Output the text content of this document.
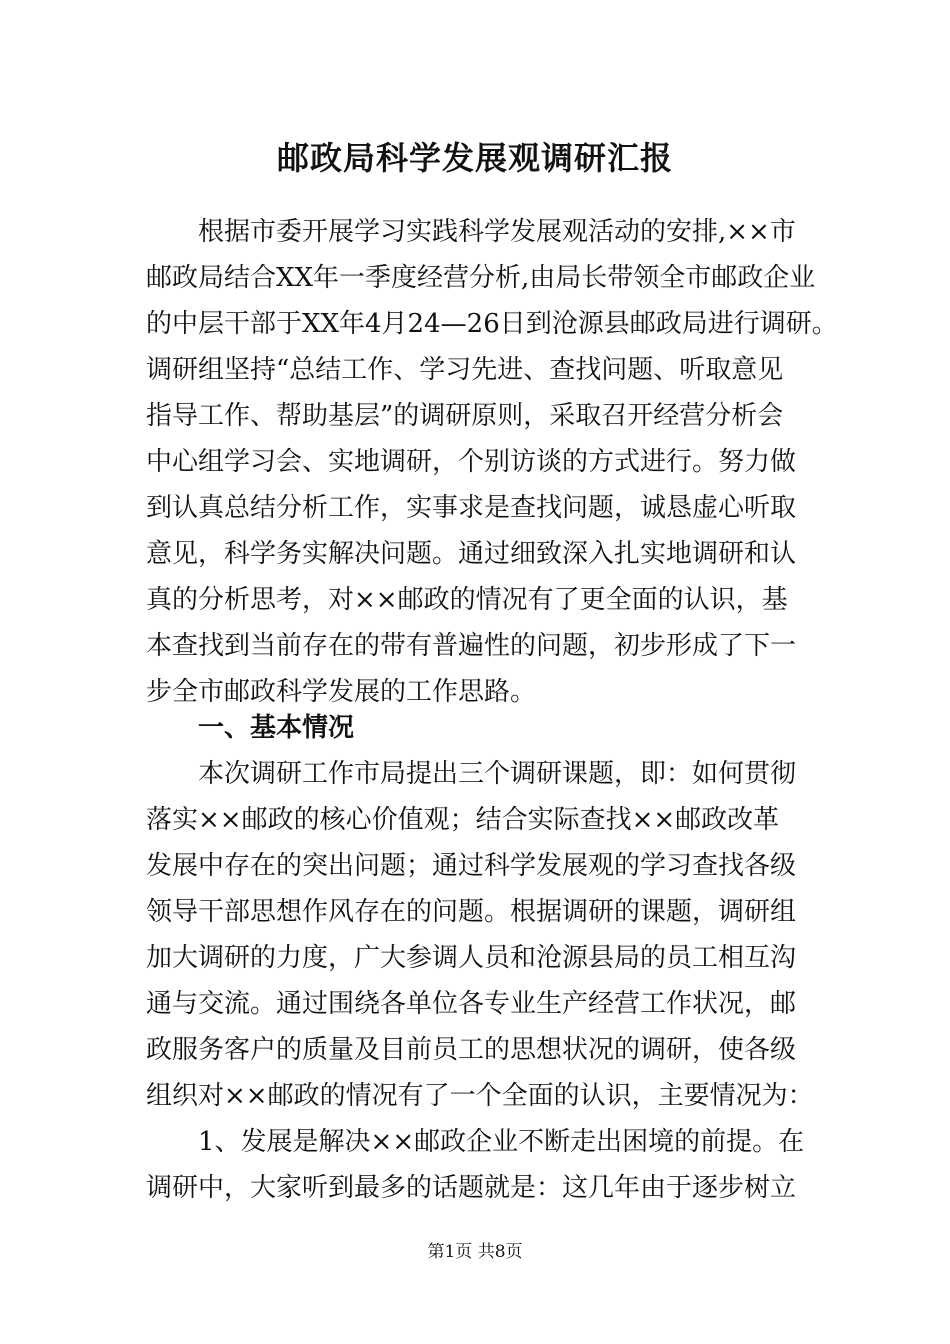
邮政局科学发展观调研汇报
　　根据市委开展学习实践科学发展观活动的安排,××市
邮政局结合XX年一季度经营分析,由局长带领全市邮政企业
的中层干部于XX年4月24—26日到沧源县邮政局进行调研。
调研组坚持“总结工作、学习先进、查找问题、听取意见
指导工作、帮助基层”的调研原则，采取召开经营分析会
中心组学习会、实地调研，个别访谈的方式进行。努力做
到认真总结分析工作，实事求是查找问题，诚恳虚心听取
意见，科学务实解决问题。通过细致深入扎实地调研和认
真的分析思考，对××邮政的情况有了更全面的认识，基
本查找到当前存在的带有普遍性的问题，初步形成了下一
步全市邮政科学发展的工作思路。
　　一、基本情况
　　本次调研工作市局提出三个调研课题，即：如何贯彻
落实××邮政的核心价值观；结合实际查找××邮政改革
发展中存在的突出问题；通过科学发展观的学习查找各级
领导干部思想作风存在的问题。根据调研的课题，调研组
加大调研的力度，广大参调人员和沧源县局的员工相互沟
通与交流。通过围绕各单位各专业生产经营工作状况，邮
政服务客户的质量及目前员工的思想状况的调研，使各级
组织对××邮政的情况有了一个全面的认识，主要情况为：
　　1、发展是解决××邮政企业不断走出困境的前提。在
调研中，大家听到最多的话题就是：这几年由于逐步树立
第1页 共8页
